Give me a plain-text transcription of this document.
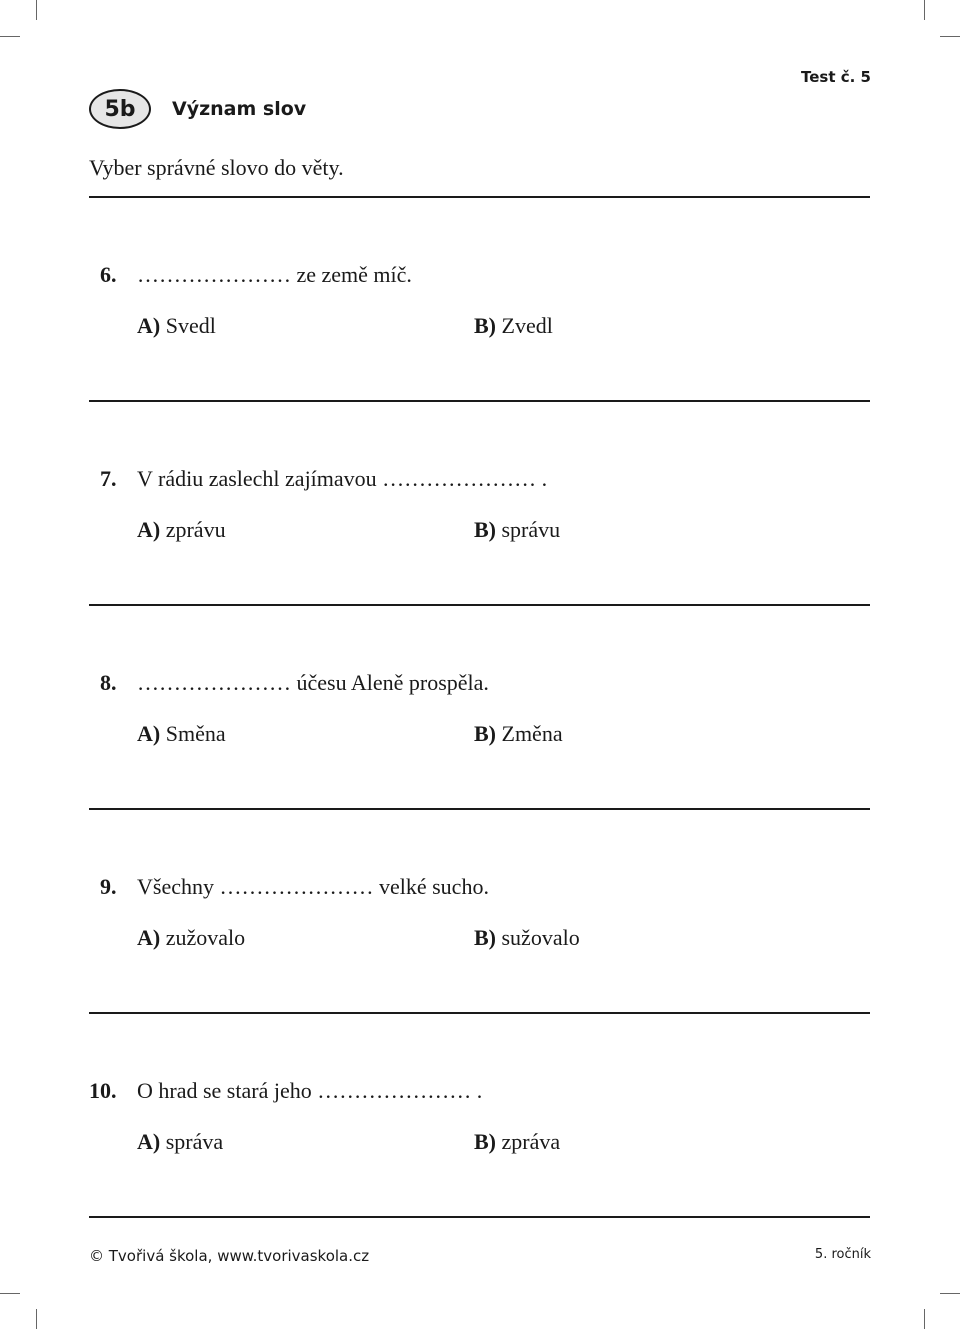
Test č. 5
5b	Význam slov
Vyber správné slovo do věty.
6. ………………… ze země míč.
A) Svedl	B) Zvedl
7. V rádiu zaslechl zajímavou ………………… .
A) zprávu	B) správu
8. ………………… účesu Aleně prospěla.
A) Směna	B) Změna
9. Všechny ………………… velké sucho.
A) zužovalo	B) sužovalo
10. O hrad se stará jeho ………………… .
A) správa	B) zpráva
© Tvořivá škola, www.tvorivaskola.cz	5. ročník
